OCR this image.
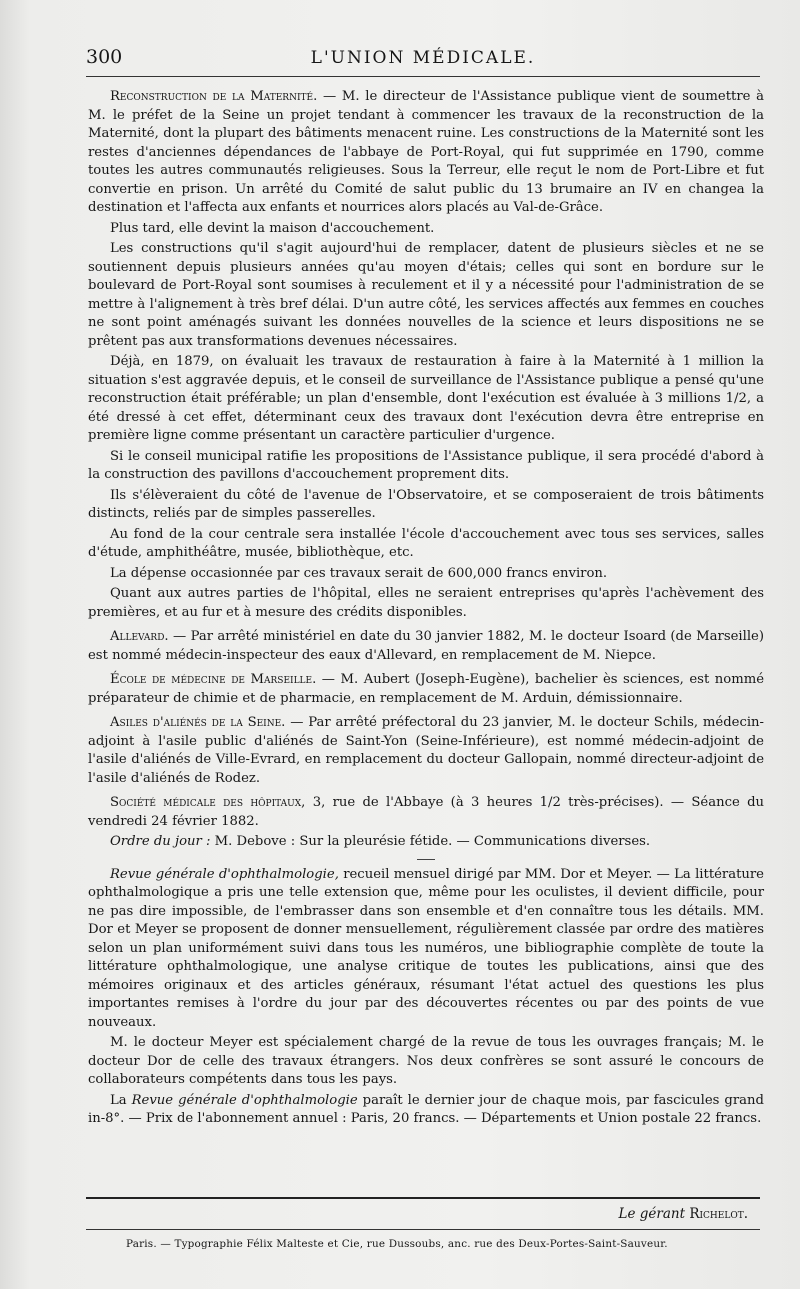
300	L'UNION MÉDICALE.

Reconstruction de la Maternité. — M. le directeur de l'Assistance publique vient de soumettre à M. le préfet de la Seine un projet tendant à commencer les travaux de la reconstruction de la Maternité, dont la plupart des bâtiments menacent ruine. Les constructions de la Maternité sont les restes d'anciennes dépendances de l'abbaye de Port-Royal, qui fut supprimée en 1790, comme toutes les autres communautés religieuses. Sous la Terreur, elle reçut le nom de Port-Libre et fut convertie en prison. Un arrêté du Comité de salut public du 13 brumaire an IV en changea la destination et l'affecta aux enfants et nourrices alors placés au Val-de-Grâce.

Plus tard, elle devint la maison d'accouchement.

Les constructions qu'il s'agit aujourd'hui de remplacer, datent de plusieurs siècles et ne se soutiennent depuis plusieurs années qu'au moyen d'étais; celles qui sont en bordure sur le boulevard de Port-Royal sont soumises à reculement et il y a nécessité pour l'administration de se mettre à l'alignement à très bref délai. D'un autre côté, les services affectés aux femmes en couches ne sont point aménagés suivant les données nouvelles de la science et leurs dispositions ne se prêtent pas aux transformations devenues nécessaires.

Déjà, en 1879, on évaluait les travaux de restauration à faire à la Maternité à 1 million la situation s'est aggravée depuis, et le conseil de surveillance de l'Assistance publique a pensé qu'une reconstruction était préférable; un plan d'ensemble, dont l'exécution est évaluée à 3 millions 1/2, a été dressé à cet effet, déterminant ceux des travaux dont l'exécution devra être entreprise en première ligne comme présentant un caractère particulier d'urgence.

Si le conseil municipal ratifie les propositions de l'Assistance publique, il sera procédé d'abord à la construction des pavillons d'accouchement proprement dits.

Ils s'élèveraient du côté de l'avenue de l'Observatoire, et se composeraient de trois bâtiments distincts, reliés par de simples passerelles.

Au fond de la cour centrale sera installée l'école d'accouchement avec tous ses services, salles d'étude, amphithéâtre, musée, bibliothèque, etc.

La dépense occasionnée par ces travaux serait de 600,000 francs environ.

Quant aux autres parties de l'hôpital, elles ne seraient entreprises qu'après l'achèvement des premières, et au fur et à mesure des crédits disponibles.

Allevard. — Par arrêté ministériel en date du 30 janvier 1882, M. le docteur Isoard (de Marseille) est nommé médecin-inspecteur des eaux d'Allevard, en remplacement de M. Niepce.

École de médecine de Marseille. — M. Aubert (Joseph-Eugène), bachelier ès sciences, est nommé préparateur de chimie et de pharmacie, en remplacement de M. Arduin, démissionnaire.

Asiles d'aliénés de la Seine. — Par arrêté préfectoral du 23 janvier, M. le docteur Schils, médecin-adjoint à l'asile public d'aliénés de Saint-Yon (Seine-Inférieure), est nommé médecin-adjoint de l'asile d'aliénés de Ville-Evrard, en remplacement du docteur Gallopain, nommé directeur-adjoint de l'asile d'aliénés de Rodez.

Société médicale des hôpitaux, 3, rue de l'Abbaye (à 3 heures 1/2 très-précises). — Séance du vendredi 24 février 1882.

Ordre du jour : M. Debove : Sur la pleurésie fétide. — Communications diverses.

Revue générale d'ophthalmologie, recueil mensuel dirigé par MM. Dor et Meyer. — La littérature ophthalmologique a pris une telle extension que, même pour les oculistes, il devient difficile, pour ne pas dire impossible, de l'embrasser dans son ensemble et d'en connaître tous les détails. MM. Dor et Meyer se proposent de donner mensuellement, régulièrement classée par ordre des matières selon un plan uniformément suivi dans tous les numéros, une bibliographie complète de toute la littérature ophthalmologique, une analyse critique de toutes les publications, ainsi que des mémoires originaux et des articles généraux, résumant l'état actuel des questions les plus importantes remises à l'ordre du jour par des découvertes récentes ou par des points de vue nouveaux.

M. le docteur Meyer est spécialement chargé de la revue de tous les ouvrages français; M. le docteur Dor de celle des travaux étrangers. Nos deux confrères se sont assuré le concours de collaborateurs compétents dans tous les pays.

La Revue générale d'ophthalmologie paraît le dernier jour de chaque mois, par fascicules grand in-8°. — Prix de l'abonnement annuel : Paris, 20 francs. — Départements et Union postale 22 francs.

Le gérant Richelot.
Paris. — Typographie Félix Malteste et Cie, rue Dussoubs, anc. rue des Deux-Portes-Saint-Sauveur.
